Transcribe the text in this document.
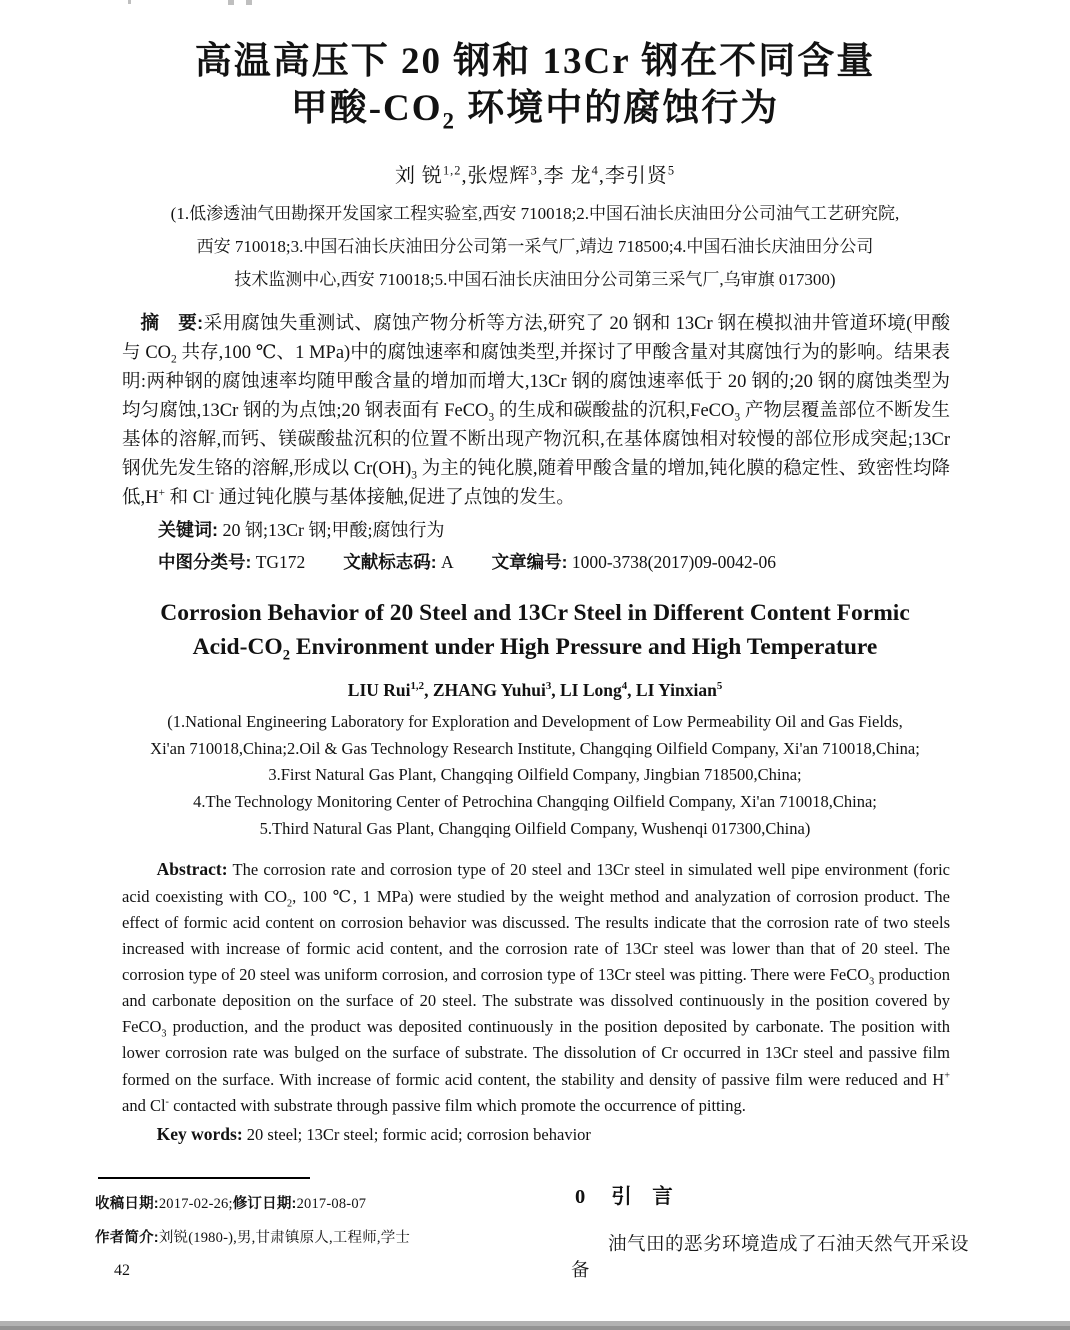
高温高压下 20 钢和 13Cr 钢在不同含量
甲酸$-CO_2$ 环境中的腐蚀行为
刘 锐$^{1,2}$,张煜辉$^3$,李 龙$^4$,李引贤$^5$
(1.低渗透油气田勘探开发国家工程实验室,西安 710018;2.中国石油长庆油田分公司油气工艺研究院,
西安 710018;3.中国石油长庆油田分公司第一采气厂,靖边 718500;4.中国石油长庆油田分公司
技术监测中心,西安 710018;5.中国石油长庆油田分公司第三采气厂,乌审旗 017300)

摘　要:采用腐蚀失重测试、腐蚀产物分析等方法,研究了 20 钢和 13Cr 钢在模拟油井管道环境(甲酸与 $CO_2$ 共存,100 ℃、1 MPa)中的腐蚀速率和腐蚀类型,并探讨了甲酸含量对其腐蚀行为的影响。结果表明:两种钢的腐蚀速率均随甲酸含量的增加而增大,13Cr 钢的腐蚀速率低于 20 钢的;20 钢的腐蚀类型为均匀腐蚀,13Cr 钢的为点蚀;20 钢表面有 FeCO$_3$ 的生成和碳酸盐的沉积,FeCO$_3$ 产物层覆盖部位不断发生基体的溶解,而钙、镁碳酸盐沉积的位置不断出现产物沉积,在基体腐蚀相对较慢的部位形成突起;13Cr 钢优先发生铬的溶解,形成以 $Cr(OH)_3$ 为主的钝化膜,随着甲酸含量的增加,钝化膜的稳定性、致密性均降低,H+ 和 Cl- 通过钝化膜与基体接触,促进了点蚀的发生。

关键词: 20 钢;13Cr 钢;甲酸;腐蚀行为

中图分类号: TG172 文献标志码: A 文章编号: 1000-3738(2017)09-0042-06
Corrosion Behavior of 20 Steel and 13Cr Steel in Different Content Formic
Acid-$CO_2$ Environment under High Pressure and High Temperature
LIU Rui$^{1,2}$, ZHANG Yuhui$^3$, LI Long$^4$, LI Yinxian$^5$
(1.National Engineering Laboratory for Exploration and Development of Low Permeability Oil and Gas Fields,
Xi'an 710018,China;2.Oil & Gas Technology Research Institute, Changqing Oilfield Company, Xi'an 710018,China;
3.First Natural Gas Plant, Changqing Oilfield Company, Jingbian 718500,China;
4.The Technology Monitoring Center of Petrochina Changqing Oilfield Company, Xi'an 710018,China;
5.Third Natural Gas Plant, Changqing Oilfield Company, Wushenqi 017300,China)

Abstract: The corrosion rate and corrosion type of 20 steel and 13Cr steel in simulated well pipe environment (foric acid coexisting with $CO_2$, 100 ℃, 1 MPa) were studied by the weight method and analyzation of corrosion product. The effect of formic acid content on corrosion behavior was discussed. The results indicate that the corrosion rate of two steels increased with increase of formic acid content, and the corrosion rate of 13Cr steel was lower than that of 20 steel. The corrosion type of 20 steel was uniform corrosion, and corrosion type of 13Cr steel was pitting. There were FeCO$_3$ production and carbonate deposition on the surface of 20 steel. The substrate was dissolved continuously in the position covered by FeCO$_3$ production, and the product was deposited continuously in the position deposited by carbonate. The position with lower corrosion rate was bulged on the surface of substrate. The dissolution of Cr occurred in 13Cr steel and passive film formed on the surface. With increase of formic acid content, the stability and density of passive film were reduced and H+ and Cl- contacted with substrate through passive film which promote the occurrence of pitting.

Key words: 20 steel; 13Cr steel; formic acid; corrosion behavior

收稿日期:2017-02-26;修订日期:2017-08-07
作者简介:刘锐(1980-),男,甘肃镇原人,工程师,学士
42
0 引　言

油气田的恶劣环境造成了石油天然气开采设备
